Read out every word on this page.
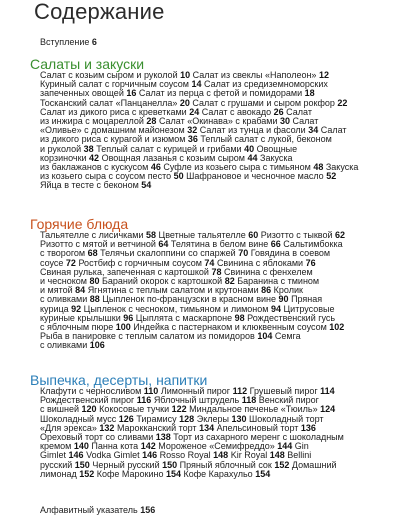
Содержание
Вступление 6
Салаты и закуски
Салат с козьим сыром и руколой 10 Салат из свеклы «Наполеон» 12
Куриный салат с горчичным соусом 14 Салат из средиземноморских
запеченных овощей 16 Салат из перца с фетой и помидорами 18
Тосканский салат «Панцанелла» 20 Салат с грушами и сыром рокфор 22
Салат из дикого риса с креветками 24 Салат с авокадо 26 Салат
из инжира с моцареллой 28 Салат «Окинава» с крабами 30 Салат
«Оливье» с домашним майонезом 32 Салат из тунца и фасоли 34 Салат
из дикого риса с курагой и изюмом 36 Теплый салат с лукой, беконом
и руколой 38 Теплый салат с курицей и грибами 40 Овощные
корзиночки 42 Овощная лазанья с козьим сыром 44 Закуска
из баклажанов с кускусом 46 Суфле из козьего сыра с тимьяном 48 Закуска
из козьего сыра с соусом песто 50 Шафрановое и чесночное масло 52
Яйца в тесте с беконом 54
Горячие блюда
Тальятелле с лисичками 58 Цветные тальятелле 60 Ризотто с тыквой 62
Ризотто с мятой и ветчиной 64 Телятина в белом вине 66 Сальтимбокка
с творогом 68 Телячьи скалоппини со спаржей 70 Говядина в соевом
соусе 72 Ростбиф с горчичным соусом 74 Свинина с яблоками 76
Свиная рулька, запеченная с картошкой 78 Свинина с фенхелем
и чесноком 80 Бараний окорок с картошкой 82 Баранина с тмином
и мятой 84 Ягнятина с теплым салатом и крутонами 86 Кролик
с оливками 88 Цыпленок по-французски в красном вине 90 Пряная
курица 92 Цыпленок с чесноком, тимьяном и лимоном 94 Цитрусовые
куриные крылышки 96 Цыплята с маскарпоне 98 Рождественский гусь
с яблочным пюре 100 Индейка с пастернаком и клюквенным соусом 102
Рыба в панировке с теплым салатом из помидоров 104 Семга
с оливками 106
Выпечка, десерты, напитки
Клафути с черносливом 110 Лимонный пирог 112 Грушевый пирог 114
Рождественский пирог 116 Яблочный штрудель 118 Венский пирог
с вишней 120 Кокосовые тучки 122 Миндальное печенье «Тюиль» 124
Шоколадный мусс 126 Тирамису 128 Эклеры 130 Шоколадный торт
«Для эрекса» 132 Марокканский торт 134 Апельсиновый торт 136
Ореховый торт со сливами 138 Торт из сахарного меренг с шоколадным
кремом 140 Панна кота 142 Мороженое «Семифреддо» 144 Gin
Gimlet 146 Vodka Gimlet 146 Rosso Royal 148 Kir Royal 148 Bellini
русский 150 Черный русский 150 Пряный яблочный сок 152 Домашний
лимонад 152 Кофе Марокино 154 Кофе Карахульо 154
Алфавитный указатель 156
